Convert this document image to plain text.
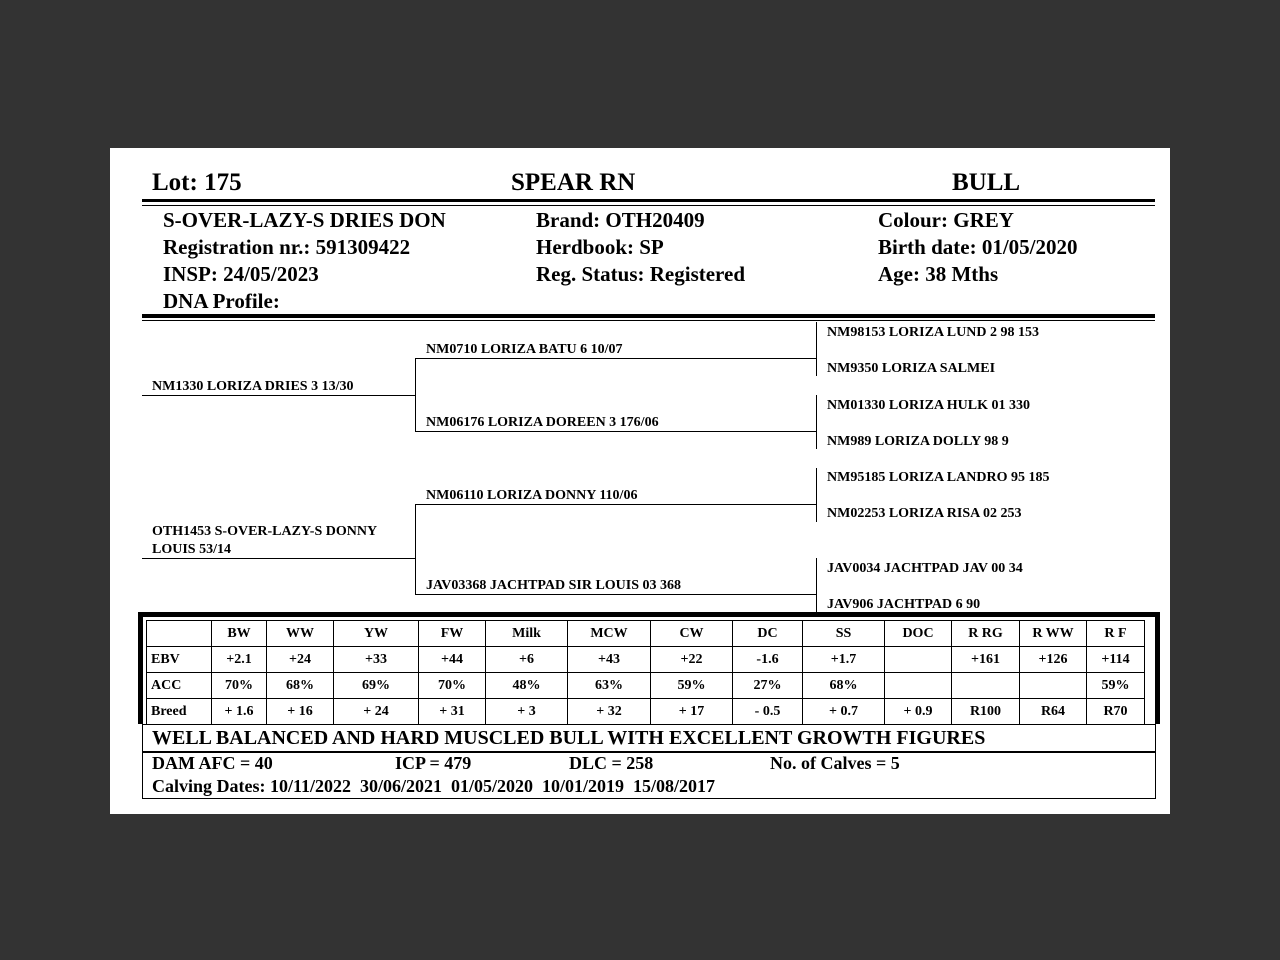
Lot: 175	SPEAR RN	BULL
S-OVER-LAZY-S DRIES DON
Registration nr.: 591309422
INSP: 24/05/2023
DNA Profile:
Brand: OTH20409
Herdbook: SP
Reg. Status: Registered
Colour: GREY
Birth date: 01/05/2020
Age: 38 Mths
NM1330 LORIZA DRIES 3 13/30
OTH1453 S-OVER-LAZY-S DONNY
LOUIS 53/14
NM0710 LORIZA BATU 6 10/07
NM06176 LORIZA DOREEN 3 176/06
NM06110 LORIZA DONNY 110/06
JAV03368 JACHTPAD SIR LOUIS 03 368
NM98153 LORIZA LUND 2 98 153
NM9350 LORIZA SALMEI
NM01330 LORIZA HULK 01 330
NM989 LORIZA DOLLY 98 9
NM95185 LORIZA LANDRO 95 185
NM02253 LORIZA RISA 02 253
JAV0034 JACHTPAD JAV 00 34
JAV906 JACHTPAD 6 90
	BW	WW	YW	FW	Milk	MCW	CW	DC	SS	DOC	R RG	R WW	R F
EBV	+2.1	+24	+33	+44	+6	+43	+22	-1.6	+1.7		+161	+126	+114
ACC	70%	68%	69%	70%	48%	63%	59%	27%	68%				59%
Breed	+ 1.6	+ 16	+ 24	+ 31	+ 3	+ 32	+ 17	- 0.5	+ 0.7	+ 0.9	R100	R64	R70
WELL BALANCED AND HARD MUSCLED BULL WITH EXCELLENT GROWTH FIGURES
DAM AFC = 40	ICP = 479	DLC = 258	No. of Calves = 5
Calving Dates: 10/11/2022  30/06/2021  01/05/2020  10/01/2019  15/08/2017
